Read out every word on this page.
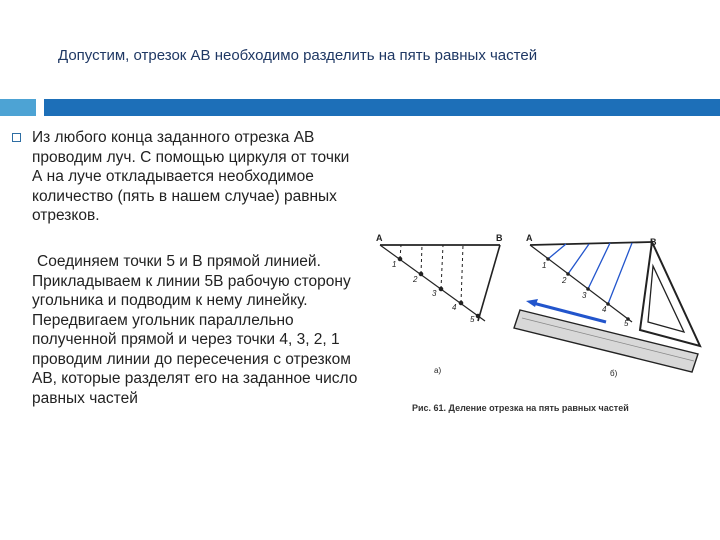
Допустим, отрезок АВ необходимо разделить на пять равных частей
Из любого конца заданного отрезка АВ проводим луч. С помощью циркуля от точки А на луче откладывается необходимое количество (пять в нашем случае) равных отрезков.
Соединяем точки 5 и В прямой линией. Прикладываем к линии 5В рабочую сторону угольника и подводим к нему линейку. Передвигаем угольник параллельно полученной прямой и через точки 4, 3, 2, 1 проводим линии до пересечения с отрезком АВ, которые разделят его на заданное число равных частей
А	В
1
2
3
4
5
а)
А	В
1
2
3
4
5
б)
Рис. 61. Деление отрезка на пять равных частей
